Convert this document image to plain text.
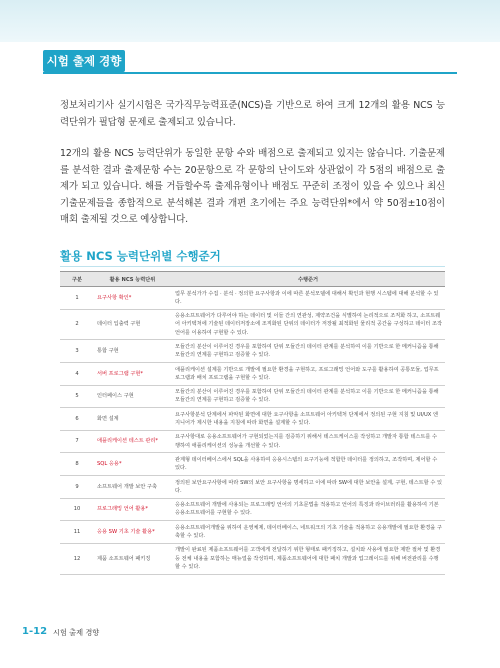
시험 출제 경향
정보처리기사 실기시험은 국가직무능력표준(NCS)을 기반으로 하여 크게 12개의 활용 NCS 능력단위가 필답형 문제로 출제되고 있습니다.
12개의 활용 NCS 능력단위가 동일한 문항 수와 배점으로 출제되고 있지는 않습니다. 기출문제를 분석한 결과 출제문항 수는 20문항으로 각 문항의 난이도와 상관없이 각 5점의 배점으로 출제가 되고 있습니다. 해를 거듭할수록 출제유형이나 배점도 꾸준히 조정이 있을 수 있으나 최신 기출문제들을 종합적으로 분석해본 결과 개편 초기에는 주요 능력단위*에서 약 50점±10점이 매회 출제될 것으로 예상합니다.
활용 NCS 능력단위별 수행준거
구분	활용 NCS 능력단위	수행준거
1	요구사항 확인*	업무 분석가가 수집 · 분석 · 정의한 요구사항과 이에 따른 분석모델에 대해서 확인과 현행 시스템에 대해 분석할 수 있다.
2	데이터 입출력 구현	응용소프트웨어가 다루어야 하는 데이터 및 이들 간의 연관성, 제약조건을 식별하여 논리적으로 조직화 하고, 소프트웨어 아키텍처에 기술된 데이터저장소에 조직화된 단위의 데이터가 저장될 최적화된 물리적 공간을 구성하고 데이터 조작언어를 이용하여 구현할 수 있다.
3	통합 구현	모듈간의 분산이 이루어진 경우를 포함하여 단위 모듈간의 데이터 관계를 분석하여 이를 기반으로 한 메커니즘을 통해 모듈간의 연계를 구현하고 검증할 수 있다.
4	서버 프로그램 구현*	애플리케이션 설계를 기반으로 개발에 필요한 환경을 구현하고, 프로그래밍 언어와 도구를 활용하여 공통모듈, 업무프로그램과 배치 프로그램을 구현할 수 있다.
5	인터페이스 구현	모듈간의 분산이 이루어진 경우를 포함하여 단위 모듈간의 데이터 관계를 분석하고 이를 기반으로 한 메커니즘을 통해 모듈간의 연계를 구현하고 검증할 수 있다.
6	화면 설계	요구사항분석 단계에서 파악된 화면에 대한 요구사항을 소프트웨어 아키텍처 단계에서 정의된 구현 지침 및 UI/UX 엔지니어가 제시한 내용을 지침에 따라 화면을 설계할 수 있다.
7	애플리케이션 테스트 관리*	요구사항대로 응용소프트웨어가 구현되었는지를 검증하기 위해서 테스트케이스를 작성하고 개발자 통합 테스트를 수행하여 애플리케이션의 성능을 개선할 수 있다.
8	SQL 응용*	관계형 데이터베이스에서 SQL을 사용하여 응용시스템의 요구기능에 적합한 데이터를 정의하고, 조작하며, 제어할 수 있다.
9	소프트웨어 개발 보안 구축	정의된 보안요구사항에 따라 SW의 보안 요구사항을 명세하고 이에 따라 SW에 대한 보안을 설계, 구현, 테스트할 수 있다.
10	프로그래밍 언어 활용*	응용소프트웨어 개발에 사용되는 프로그래밍 언어의 기초문법을 적용하고 언어의 특징과 라이브러리를 활용하여 기본 응용소프트웨어를 구현할 수 있다.
11	응용 SW 기초 기술 활용*	응용소프트웨어개발을 위하여 운영체제, 데이터베이스, 네트워크의 기초 기술을 적용하고 응용개발에 필요한 환경을 구축할 수 있다.
12	제품 소프트웨어 패키징	개발이 완료된 제품소프트웨어를 고객에게 전달하기 위한 형태로 패키징하고, 설치와 사용에 필요한 제반 절차 및 환경 등 전체 내용을 포함하는 매뉴얼을 작성하며, 제품소프트웨어에 대한 패치 개발과 업그레이드를 위해 버전관리를 수행할 수 있다.
1-12 시험 출제 경향
